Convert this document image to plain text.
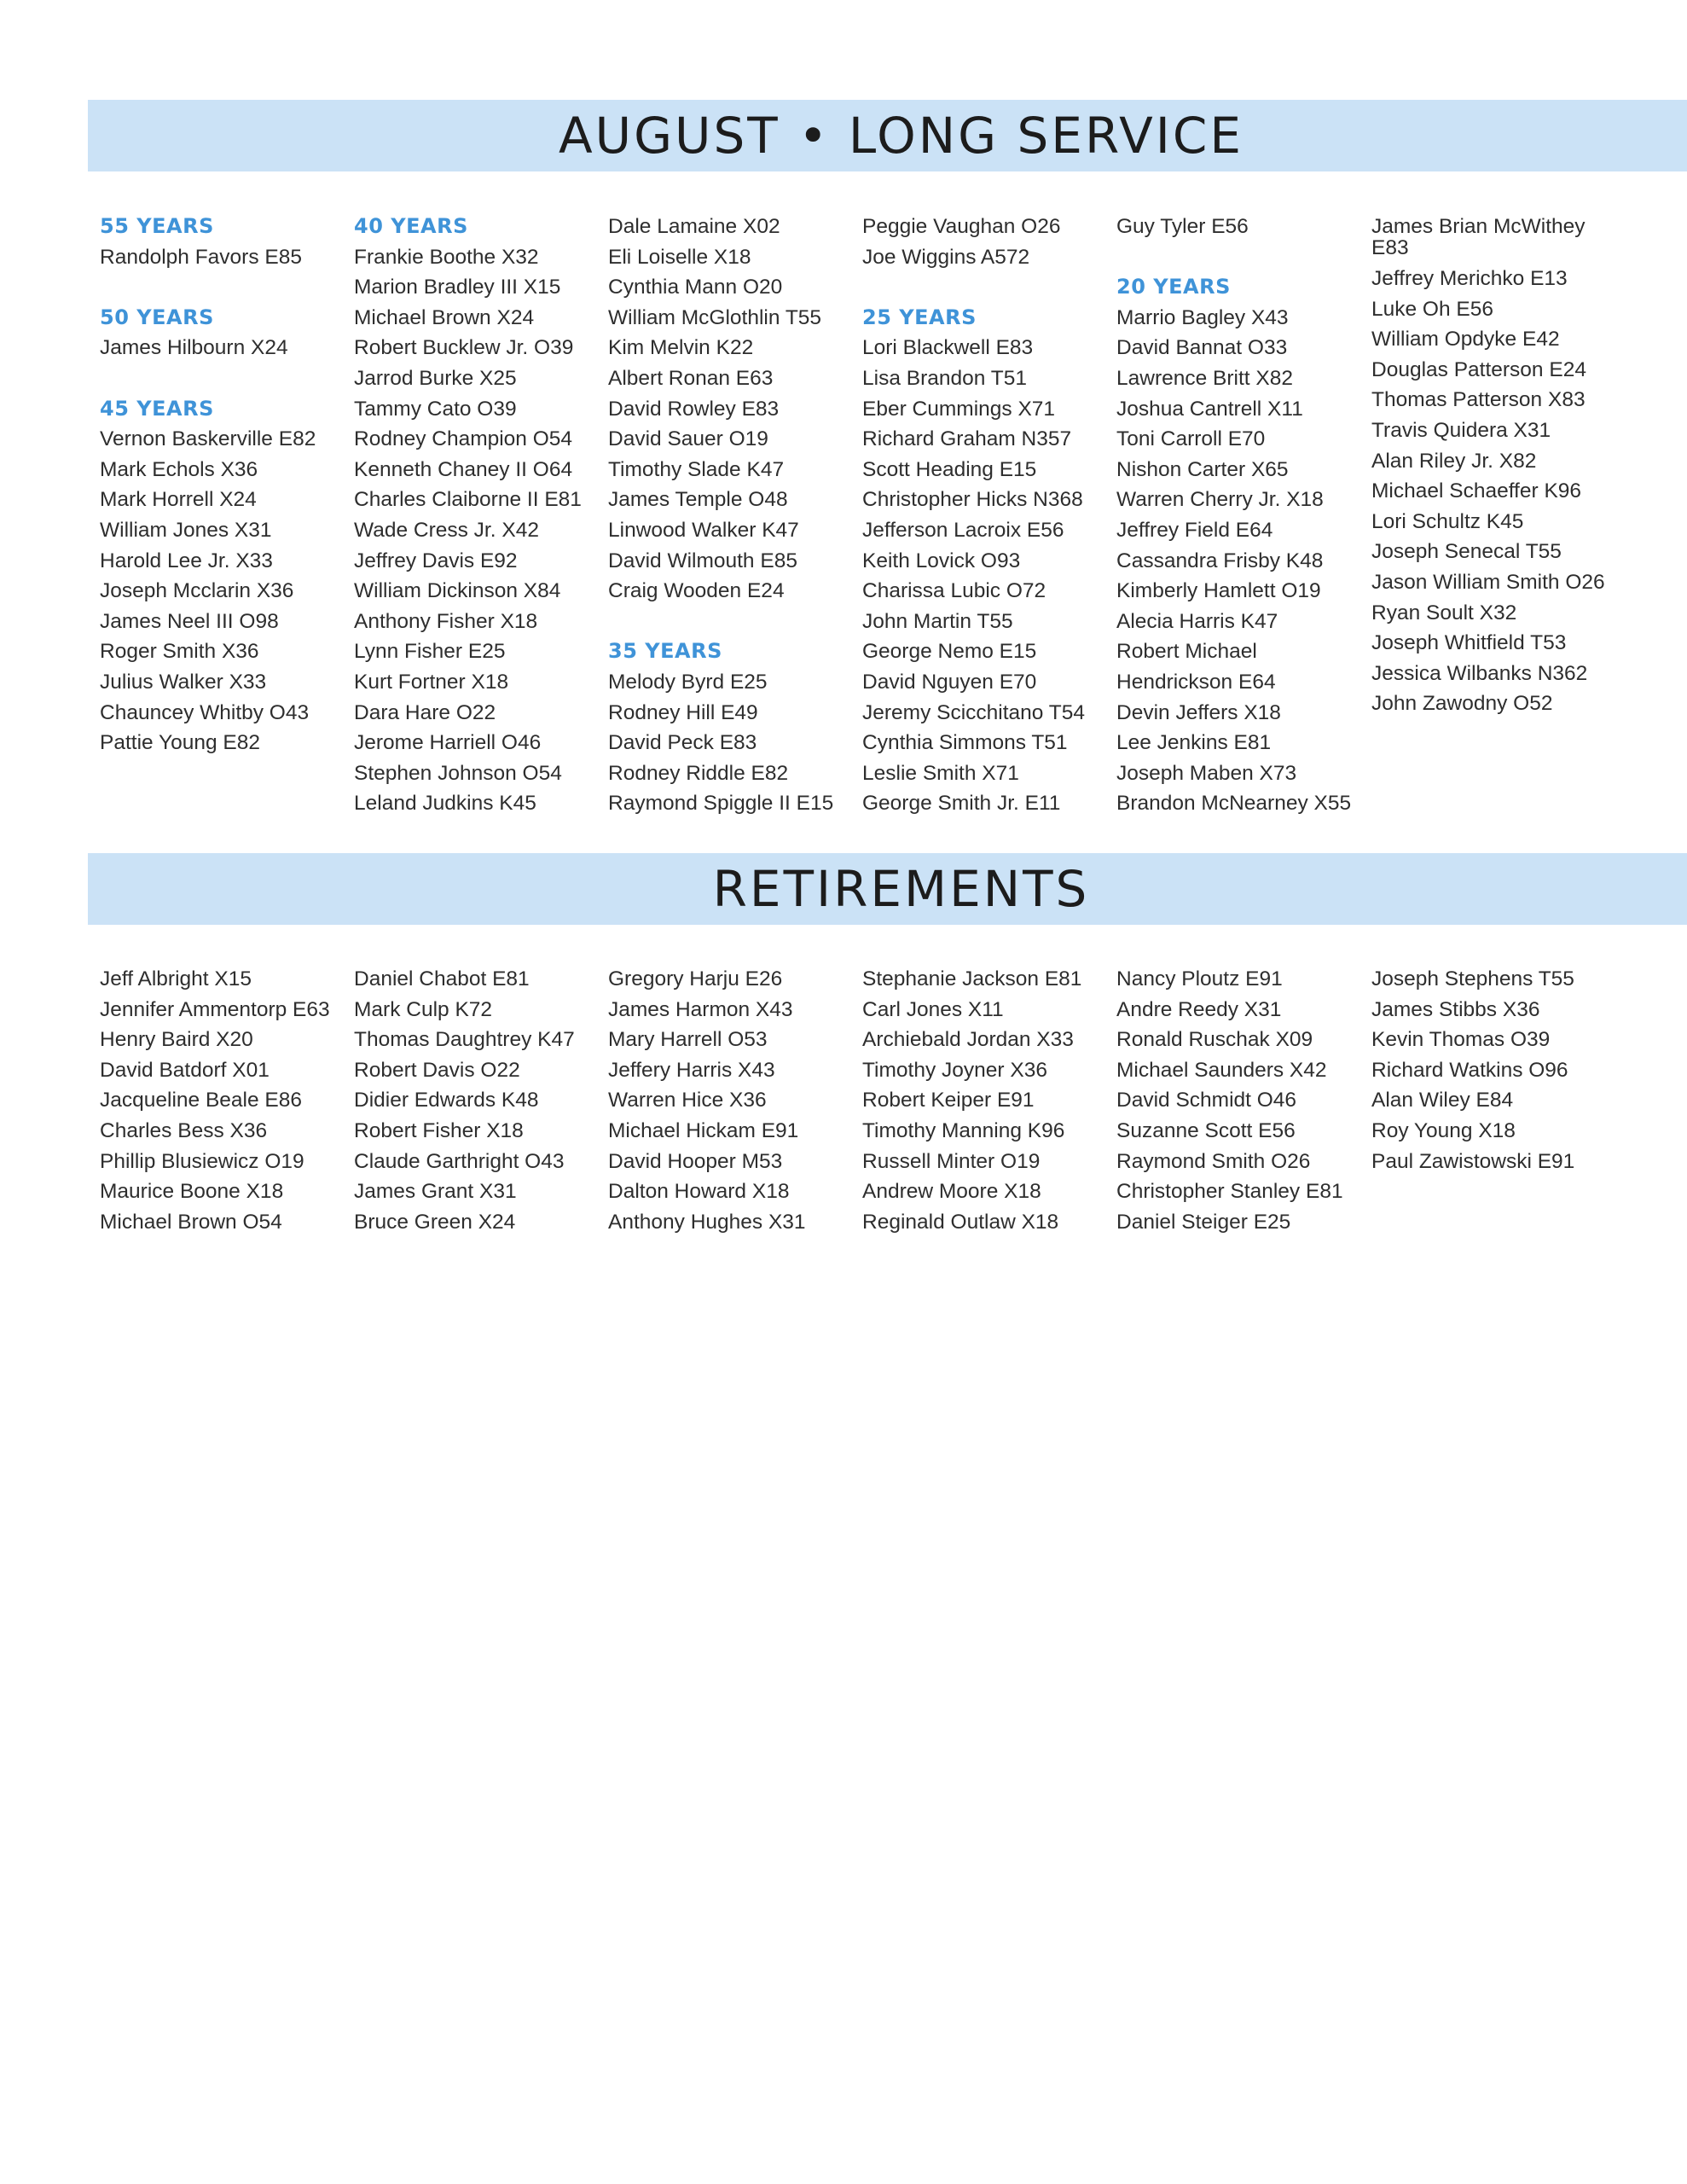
AUGUST • LONG SERVICE
55 YEARS
Randolph Favors E85
50 YEARS
James Hilbourn X24
45 YEARS
Vernon Baskerville E82
Mark Echols X36
Mark Horrell X24
William Jones X31
Harold Lee Jr. X33
Joseph Mcclarin X36
James Neel III O98
Roger Smith X36
Julius Walker X33
Chauncey Whitby O43
Pattie Young E82
40 YEARS
Frankie Boothe X32
Marion Bradley III X15
Michael Brown X24
Robert Bucklew Jr. O39
Jarrod Burke X25
Tammy Cato O39
Rodney Champion O54
Kenneth Chaney II O64
Charles Claiborne II E81
Wade Cress Jr. X42
Jeffrey Davis E92
William Dickinson X84
Anthony Fisher X18
Lynn Fisher E25
Kurt Fortner X18
Dara Hare O22
Jerome Harriell O46
Stephen Johnson O54
Leland Judkins K45
Dale Lamaine X02
Eli Loiselle X18
Cynthia Mann O20
William McGlothlin T55
Kim Melvin K22
Albert Ronan E63
David Rowley E83
David Sauer O19
Timothy Slade K47
James Temple O48
Linwood Walker K47
David Wilmouth E85
Craig Wooden E24
35 YEARS
Melody Byrd E25
Rodney Hill E49
David Peck E83
Rodney Riddle E82
Raymond Spiggle II E15
Peggie Vaughan O26
Joe Wiggins A572
25 YEARS
Lori Blackwell E83
Lisa Brandon T51
Eber Cummings X71
Richard Graham N357
Scott Heading E15
Christopher Hicks N368
Jefferson Lacroix E56
Keith Lovick O93
Charissa Lubic O72
John Martin T55
George Nemo E15
David Nguyen E70
Jeremy Scicchitano T54
Cynthia Simmons T51
Leslie Smith X71
George Smith Jr. E11
Guy Tyler E56
20 YEARS
Marrio Bagley X43
David Bannat O33
Lawrence Britt X82
Joshua Cantrell X11
Toni Carroll E70
Nishon Carter X65
Warren Cherry Jr. X18
Jeffrey Field E64
Cassandra Frisby K48
Kimberly Hamlett O19
Alecia Harris K47
Robert Michael
Hendrickson E64
Devin Jeffers X18
Lee Jenkins E81
Joseph Maben X73
Brandon McNearney X55
James Brian McWithey E83
Jeffrey Merichko E13
Luke Oh E56
William Opdyke E42
Douglas Patterson E24
Thomas Patterson X83
Travis Quidera X31
Alan Riley Jr. X82
Michael Schaeffer K96
Lori Schultz K45
Joseph Senecal T55
Jason William Smith O26
Ryan Soult X32
Joseph Whitfield T53
Jessica Wilbanks N362
John Zawodny O52
RETIREMENTS
Jeff Albright X15
Jennifer Ammentorp E63
Henry Baird X20
David Batdorf X01
Jacqueline Beale E86
Charles Bess X36
Phillip Blusiewicz O19
Maurice Boone X18
Michael Brown O54
Daniel Chabot E81
Mark Culp K72
Thomas Daughtrey K47
Robert Davis O22
Didier Edwards K48
Robert Fisher X18
Claude Garthright O43
James Grant X31
Bruce Green X24
Gregory Harju E26
James Harmon X43
Mary Harrell O53
Jeffery Harris X43
Warren Hice X36
Michael Hickam E91
David Hooper M53
Dalton Howard X18
Anthony Hughes X31
Stephanie Jackson E81
Carl Jones X11
Archiebald Jordan X33
Timothy Joyner X36
Robert Keiper E91
Timothy Manning K96
Russell Minter O19
Andrew Moore X18
Reginald Outlaw X18
Nancy Ploutz E91
Andre Reedy X31
Ronald Ruschak X09
Michael Saunders X42
David Schmidt O46
Suzanne Scott E56
Raymond Smith O26
Christopher Stanley E81
Daniel Steiger E25
Joseph Stephens T55
James Stibbs X36
Kevin Thomas O39
Richard Watkins O96
Alan Wiley E84
Roy Young X18
Paul Zawistowski E91
